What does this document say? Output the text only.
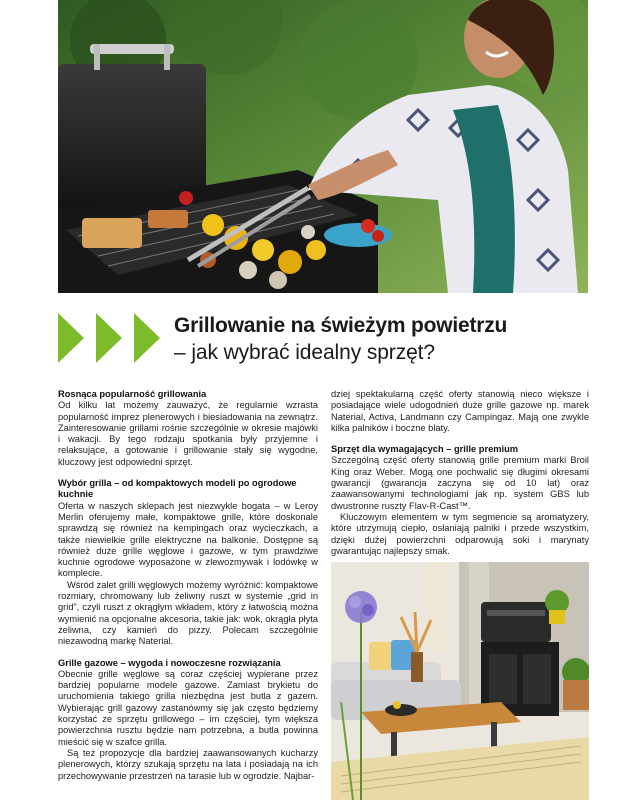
Grillowanie na świeżym powietrzu
– jak wybrać idealny sprzęt?
Rosnąca popularność grillowania

Od kilku lat możemy zauważyć, że regularnie wzrasta popularność imprez plenerowych i biesiadowania na zewnątrz. Zainteresowanie grillami rośnie szczególnie w okresie majówki i wakacji. By tego rodzaju spotkania były przyjemne i relaksujące, a gotowanie i grillowanie stały się wygodne, kluczowy jest odpowiedni sprzęt.

Wybór grilla – od kompaktowych modeli po ogrodowe kuchnie

Oferta w naszych sklepach jest niezwykle bogata – w Leroy Merlin oferujemy małe, kompaktowe grille, które doskonale sprawdzą się również na kempingach oraz wycieczkach, a także niewielkie grille elektryczne na balkonie. Dostępne są również duże grille węglowe i gazowe, w tym prawdziwe kuchnie ogrodowe wyposażone w zlewozmywak i lodówkę w komplecie.

Wśród zalet grilli węglowych możemy wyróżnić: kompaktowe rozmiary, chromowany lub żeliwny ruszt w systemie „grid in grid”, czyli ruszt z okrągłym wkładem, który z łatwością można wymienić na opcjonalne akcesoria, takie jak: wok, okrągła płyta żeliwna, czy kamień do pizzy. Polecam szczególnie niezawodną markę Naterial.

Grille gazowe – wygoda i nowoczesne rozwiązania

Obecnie grille węglowe są coraz częściej wypierane przez bardziej popularne modele gazowe. Zamiast brykietu do uruchomienia takiego grilla niezbędna jest butla z gazem. Wybierając grill gazowy zastanówmy się jak często będziemy korzystać ze sprzętu grillowego – im częściej, tym większa powierzchnia rusztu będzie nam potrzebna, a butla powinna mieścić się w szafce grilla.

Są też propozycje dla bardziej zaawansowanych kucharzy plenerowych, którzy szukają sprzętu na lata i posiadają na ich przechowywanie przestrzeń na tarasie lub w ogrodzie. Najbar-

dziej spektakularną część oferty stanowią nieco większe i posiadające wiele udogodnień duże grille gazowe np. marek Naterial, Activa, Landmann czy Campingaz. Mają one zwykle kilka palników i boczne blaty.

Sprzęt dla wymagających – grille premium

Szczególną część oferty stanowią grille premium marki Broil King oraz Weber. Mogą one pochwalić się długimi okresami gwarancji (gwarancja zaczyna się od 10 lat) oraz zaawansowanymi technologiami jak np. system GBS lub dwustronne ruszty Flav-R-Cast™.

Kluczowym elementem w tym segmencie są aromatyzery, które utrzymują ciepło, osłaniają palniki i przede wszystkim, dzięki dużej powierzchni odparowują soki i marynaty gwarantując najlepszy smak.
